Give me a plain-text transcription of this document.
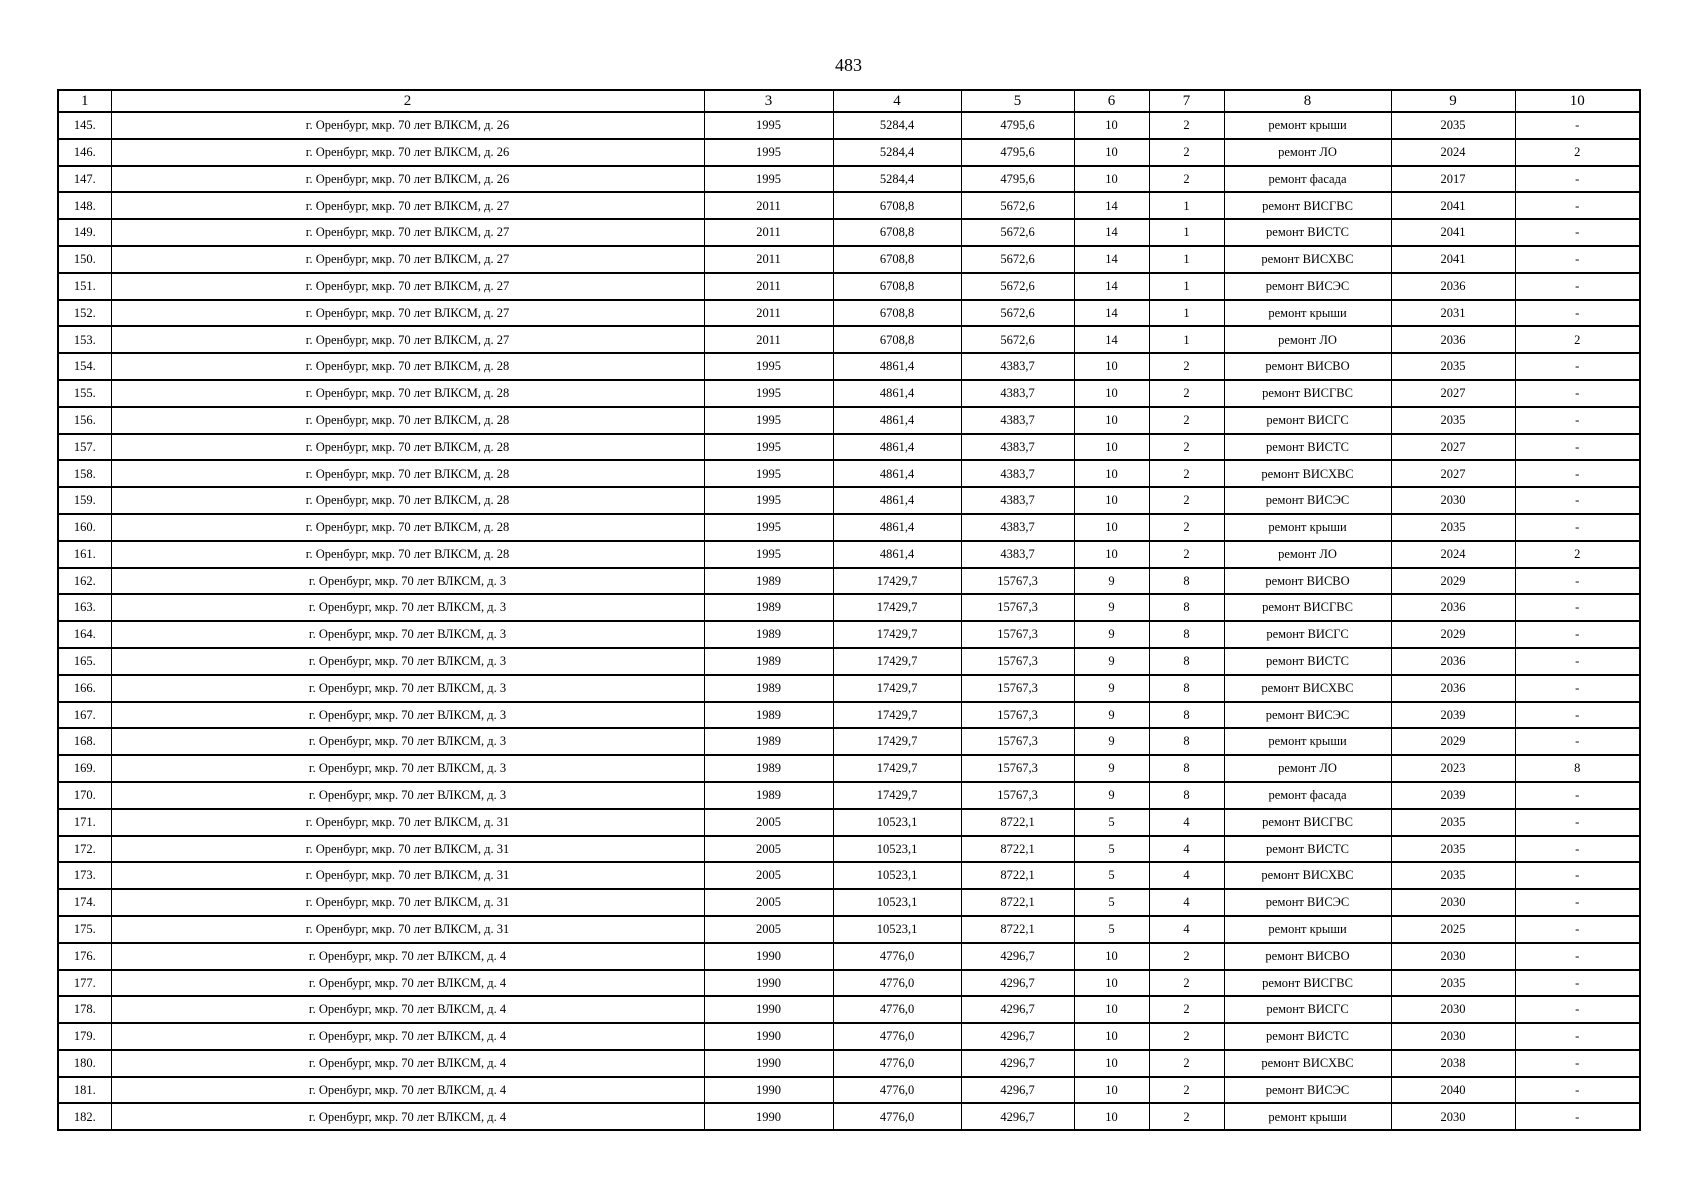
483
1	2	3	4	5	6	7	8	9	10
145.	г. Оренбург, мкр. 70 лет ВЛКСМ, д. 26	1995	5284,4	4795,6	10	2	ремонт крыши	2035	-
146.	г. Оренбург, мкр. 70 лет ВЛКСМ, д. 26	1995	5284,4	4795,6	10	2	ремонт ЛО	2024	2
147.	г. Оренбург, мкр. 70 лет ВЛКСМ, д. 26	1995	5284,4	4795,6	10	2	ремонт фасада	2017	-
148.	г. Оренбург, мкр. 70 лет ВЛКСМ, д. 27	2011	6708,8	5672,6	14	1	ремонт ВИСГВС	2041	-
149.	г. Оренбург, мкр. 70 лет ВЛКСМ, д. 27	2011	6708,8	5672,6	14	1	ремонт ВИСТС	2041	-
150.	г. Оренбург, мкр. 70 лет ВЛКСМ, д. 27	2011	6708,8	5672,6	14	1	ремонт ВИСХВС	2041	-
151.	г. Оренбург, мкр. 70 лет ВЛКСМ, д. 27	2011	6708,8	5672,6	14	1	ремонт ВИСЭС	2036	-
152.	г. Оренбург, мкр. 70 лет ВЛКСМ, д. 27	2011	6708,8	5672,6	14	1	ремонт крыши	2031	-
153.	г. Оренбург, мкр. 70 лет ВЛКСМ, д. 27	2011	6708,8	5672,6	14	1	ремонт ЛО	2036	2
154.	г. Оренбург, мкр. 70 лет ВЛКСМ, д. 28	1995	4861,4	4383,7	10	2	ремонт ВИСВО	2035	-
155.	г. Оренбург, мкр. 70 лет ВЛКСМ, д. 28	1995	4861,4	4383,7	10	2	ремонт ВИСГВС	2027	-
156.	г. Оренбург, мкр. 70 лет ВЛКСМ, д. 28	1995	4861,4	4383,7	10	2	ремонт ВИСГС	2035	-
157.	г. Оренбург, мкр. 70 лет ВЛКСМ, д. 28	1995	4861,4	4383,7	10	2	ремонт ВИСТС	2027	-
158.	г. Оренбург, мкр. 70 лет ВЛКСМ, д. 28	1995	4861,4	4383,7	10	2	ремонт ВИСХВС	2027	-
159.	г. Оренбург, мкр. 70 лет ВЛКСМ, д. 28	1995	4861,4	4383,7	10	2	ремонт ВИСЭС	2030	-
160.	г. Оренбург, мкр. 70 лет ВЛКСМ, д. 28	1995	4861,4	4383,7	10	2	ремонт крыши	2035	-
161.	г. Оренбург, мкр. 70 лет ВЛКСМ, д. 28	1995	4861,4	4383,7	10	2	ремонт ЛО	2024	2
162.	г. Оренбург, мкр. 70 лет ВЛКСМ, д. 3	1989	17429,7	15767,3	9	8	ремонт ВИСВО	2029	-
163.	г. Оренбург, мкр. 70 лет ВЛКСМ, д. 3	1989	17429,7	15767,3	9	8	ремонт ВИСГВС	2036	-
164.	г. Оренбург, мкр. 70 лет ВЛКСМ, д. 3	1989	17429,7	15767,3	9	8	ремонт ВИСГС	2029	-
165.	г. Оренбург, мкр. 70 лет ВЛКСМ, д. 3	1989	17429,7	15767,3	9	8	ремонт ВИСТС	2036	-
166.	г. Оренбург, мкр. 70 лет ВЛКСМ, д. 3	1989	17429,7	15767,3	9	8	ремонт ВИСХВС	2036	-
167.	г. Оренбург, мкр. 70 лет ВЛКСМ, д. 3	1989	17429,7	15767,3	9	8	ремонт ВИСЭС	2039	-
168.	г. Оренбург, мкр. 70 лет ВЛКСМ, д. 3	1989	17429,7	15767,3	9	8	ремонт крыши	2029	-
169.	г. Оренбург, мкр. 70 лет ВЛКСМ, д. 3	1989	17429,7	15767,3	9	8	ремонт ЛО	2023	8
170.	г. Оренбург, мкр. 70 лет ВЛКСМ, д. 3	1989	17429,7	15767,3	9	8	ремонт фасада	2039	-
171.	г. Оренбург, мкр. 70 лет ВЛКСМ, д. 31	2005	10523,1	8722,1	5	4	ремонт ВИСГВС	2035	-
172.	г. Оренбург, мкр. 70 лет ВЛКСМ, д. 31	2005	10523,1	8722,1	5	4	ремонт ВИСТС	2035	-
173.	г. Оренбург, мкр. 70 лет ВЛКСМ, д. 31	2005	10523,1	8722,1	5	4	ремонт ВИСХВС	2035	-
174.	г. Оренбург, мкр. 70 лет ВЛКСМ, д. 31	2005	10523,1	8722,1	5	4	ремонт ВИСЭС	2030	-
175.	г. Оренбург, мкр. 70 лет ВЛКСМ, д. 31	2005	10523,1	8722,1	5	4	ремонт крыши	2025	-
176.	г. Оренбург, мкр. 70 лет ВЛКСМ, д. 4	1990	4776,0	4296,7	10	2	ремонт ВИСВО	2030	-
177.	г. Оренбург, мкр. 70 лет ВЛКСМ, д. 4	1990	4776,0	4296,7	10	2	ремонт ВИСГВС	2035	-
178.	г. Оренбург, мкр. 70 лет ВЛКСМ, д. 4	1990	4776,0	4296,7	10	2	ремонт ВИСГС	2030	-
179.	г. Оренбург, мкр. 70 лет ВЛКСМ, д. 4	1990	4776,0	4296,7	10	2	ремонт ВИСТС	2030	-
180.	г. Оренбург, мкр. 70 лет ВЛКСМ, д. 4	1990	4776,0	4296,7	10	2	ремонт ВИСХВС	2038	-
181.	г. Оренбург, мкр. 70 лет ВЛКСМ, д. 4	1990	4776,0	4296,7	10	2	ремонт ВИСЭС	2040	-
182.	г. Оренбург, мкр. 70 лет ВЛКСМ, д. 4	1990	4776,0	4296,7	10	2	ремонт крыши	2030	-
